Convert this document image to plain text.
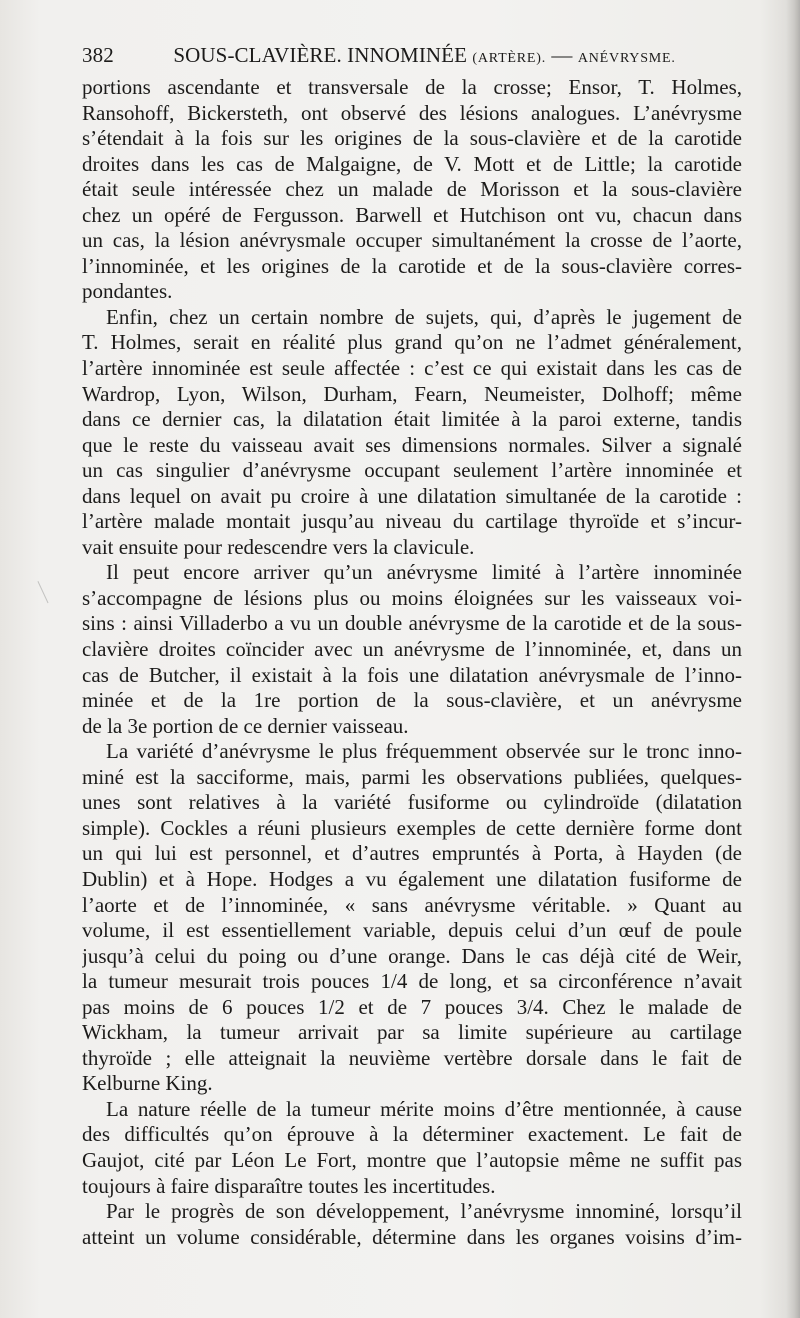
382	SOUS-CLAVIÈRE. INNOMINÉE (ARTÈRE). — ANÉVRYSME.
portions ascendante et transversale de la crosse; Ensor, T. Holmes,
Ransohoff, Bickersteth, ont observé des lésions analogues. L’anévrysme
s’étendait à la fois sur les origines de la sous-clavière et de la carotide
droites dans les cas de Malgaigne, de V. Mott et de Little; la carotide
était seule intéressée chez un malade de Morisson et la sous-clavière
chez un opéré de Fergusson. Barwell et Hutchison ont vu, chacun dans
un cas, la lésion anévrysmale occuper simultanément la crosse de l’aorte,
l’innominée, et les origines de la carotide et de la sous-clavière corres-
pondantes.
Enfin, chez un certain nombre de sujets, qui, d’après le jugement de
T. Holmes, serait en réalité plus grand qu’on ne l’admet généralement,
l’artère innominée est seule affectée : c’est ce qui existait dans les cas de
Wardrop, Lyon, Wilson, Durham, Fearn, Neumeister, Dolhoff; même
dans ce dernier cas, la dilatation était limitée à la paroi externe, tandis
que le reste du vaisseau avait ses dimensions normales. Silver a signalé
un cas singulier d’anévrysme occupant seulement l’artère innominée et
dans lequel on avait pu croire à une dilatation simultanée de la carotide :
l’artère malade montait jusqu’au niveau du cartilage thyroïde et s’incur-
vait ensuite pour redescendre vers la clavicule.
Il peut encore arriver qu’un anévrysme limité à l’artère innominée
s’accompagne de lésions plus ou moins éloignées sur les vaisseaux voi-
sins : ainsi Villaderbo a vu un double anévrysme de la carotide et de la sous-
clavière droites coïncider avec un anévrysme de l’innominée, et, dans un
cas de Butcher, il existait à la fois une dilatation anévrysmale de l’inno-
minée et de la 1re portion de la sous-clavière, et un anévrysme
de la 3e portion de ce dernier vaisseau.
La variété d’anévrysme le plus fréquemment observée sur le tronc inno-
miné est la sacciforme, mais, parmi les observations publiées, quelques-
unes sont relatives à la variété fusiforme ou cylindroïde (dilatation
simple). Cockles a réuni plusieurs exemples de cette dernière forme dont
un qui lui est personnel, et d’autres empruntés à Porta, à Hayden (de
Dublin) et à Hope. Hodges a vu également une dilatation fusiforme de
l’aorte et de l’innominée, « sans anévrysme véritable. » Quant au
volume, il est essentiellement variable, depuis celui d’un œuf de poule
jusqu’à celui du poing ou d’une orange. Dans le cas déjà cité de Weir,
la tumeur mesurait trois pouces 1/4 de long, et sa circonférence n’avait
pas moins de 6 pouces 1/2 et de 7 pouces 3/4. Chez le malade de
Wickham, la tumeur arrivait par sa limite supérieure au cartilage
thyroïde ; elle atteignait la neuvième vertèbre dorsale dans le fait de
Kelburne King.
La nature réelle de la tumeur mérite moins d’être mentionnée, à cause
des difficultés qu’on éprouve à la déterminer exactement. Le fait de
Gaujot, cité par Léon Le Fort, montre que l’autopsie même ne suffit pas
toujours à faire disparaître toutes les incertitudes.
Par le progrès de son développement, l’anévrysme innominé, lorsqu’il
atteint un volume considérable, détermine dans les organes voisins d’im-
